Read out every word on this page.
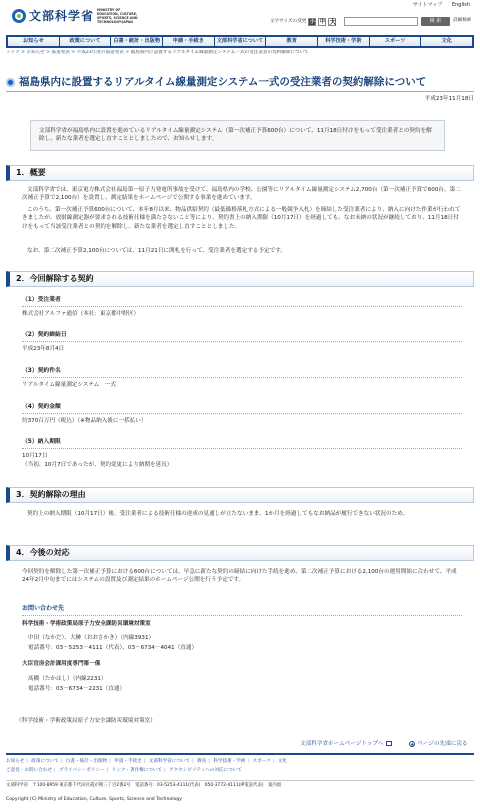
文部科学省 MINISTRY OF EDUCATION, CULTURE, SPORTS, SCIENCE AND TECHNOLOGY-JAPAN
サイトマップ English
文字サイズの変更 小 中 大	検 索	詳細検索
お知らせ	政策について	白書・統計・出版物	申請・手続き	文部科学省について	教育	科学技術・学術	スポーツ	文化
トップ > お知らせ > 報道発表 > 平成23年度の報道発表 > 福島県内に設置するリアルタイム線量測定システム一式の受注業者の契約解除について
福島県内に設置するリアルタイム線量測定システム一式の受注業者の契約解除について
平成23年11月18日
文部科学省が福島県内に設置を進めているリアルタイム線量測定システム（第一次補正予算600台）について、11月18日付けをもって受注業者との契約を解除し、新たな業者を選定し直すこととしましたので、お知らせします。
1．概要
文部科学省では、東京電力株式会社福島第一原子力発電所事故を受けて、福島県内の学校、公園等にリアルタイム線量測定システム2,700台（第一次補正予算で600台、第二次補正予算で2,100台）を設置し、測定結果をホームページで公開する事業を進めています。
このうち、第一次補正予算600台について、本年8月以来、物品供給契約（最低価格落札方式による一般競争入札）を締結した受注業者により、納入に向けた作業が行われてきましたが、放射線測定器が要求される技術仕様を満たさないこと等により、契約書上の納入期限（10月17日）を経過しても、なお未納の状況が継続しており、11月18日付けをもって当該受注業者との契約を解除し、新たな業者を選定し直すこととしました。
なお、第二次補正予算2,100台については、11月21日に開札を行って、受注業者を選定する予定です。
2．今回解除する契約
（1）受注業者
株式会社アルファ通信（本社：東京都中野区）
（2）契約締結日
平成23年8月4日
（3）契約件名
リアルタイム線量測定システム　一式
（4）契約金額
約370百万円（税込）（※物品納入後に一括払い）
（5）納入期限
10月17日
（当初、10月7日であったが、契約変更により納期を延長）
3．契約解除の理由
契約上の納入期限（10月17日）後、受注業者による技術仕様の達成の見通しが立たないまま、1か月を経過してもなお納品が履行できない状況のため。
4．今後の対応
今回契約を解除した第一次補正予算における600台については、早急に新たな契約の締結に向けた手続を進め、第二次補正予算における2,100台の運用開始に合わせて、平成24年2月中旬までにはシステムの設置及び測定結果のホームページ公開を行う予定です。
お問い合わせ先
科学技術・学術政策局原子力安全課防災環境対策室
中田（なかだ）、大榊（おおさかき）（内線3931）
電話番号：03－5253－4111（代表）、03－6734－4041（直通）
大臣官房会計課用度専門第一係
髙橋（たかはし）（内線2231）
電話番号：03－6734－2231（直通）
（科学技術・学術政策局原子力安全課防災環境対策室）
文部科学省ホームページトップへ	▲ ページの先頭に戻る
お知らせ | 政策について | 白書・統計・出版物 | 申請・手続き | 文部科学省について | 教育 | 科学技術・学術 | スポーツ | 文化
ご意見・お問い合わせ | プライバシーポリシー | リンク・著作権について | アクセシビリティへの対応について
文部科学省　〒100-8959 東京都千代田区霞が関三丁目2番2号　電話番号：03-5253-4111(代表)　050-3772-4111(IP電話代表)　案内図
Copyright (C) Ministry of Education, Culture, Sports, Science and Technology
